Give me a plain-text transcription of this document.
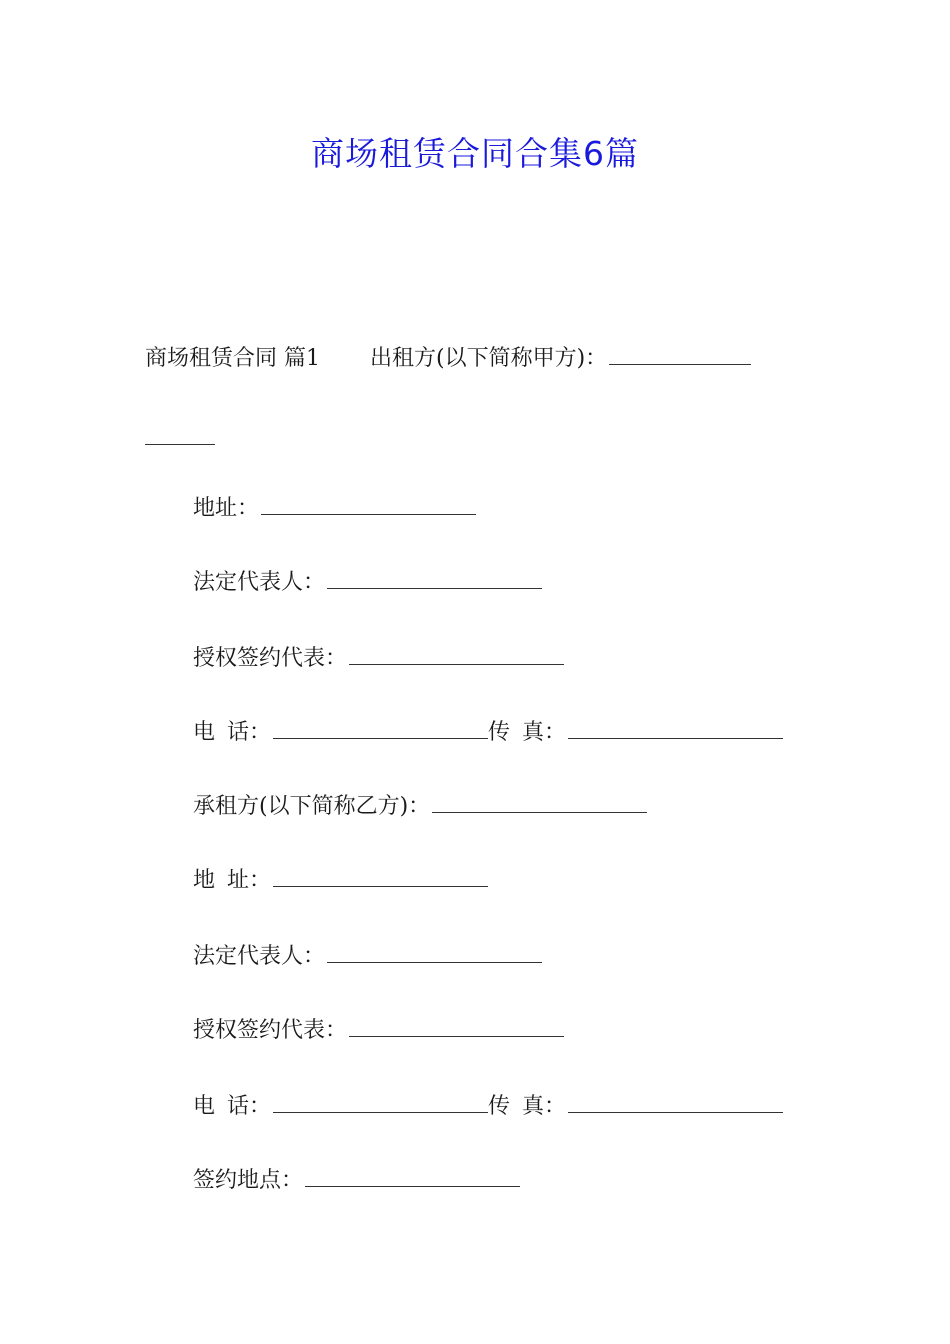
商场租赁合同合集6篇
商场租赁合同 篇1 出租方(以下简称甲方)：
地址：
法定代表人：
授权签约代表：
电 话：	传 真：
承租方(以下简称乙方)：
地 址：
法定代表人：
授权签约代表：
电 话：	传 真：
签约地点：
